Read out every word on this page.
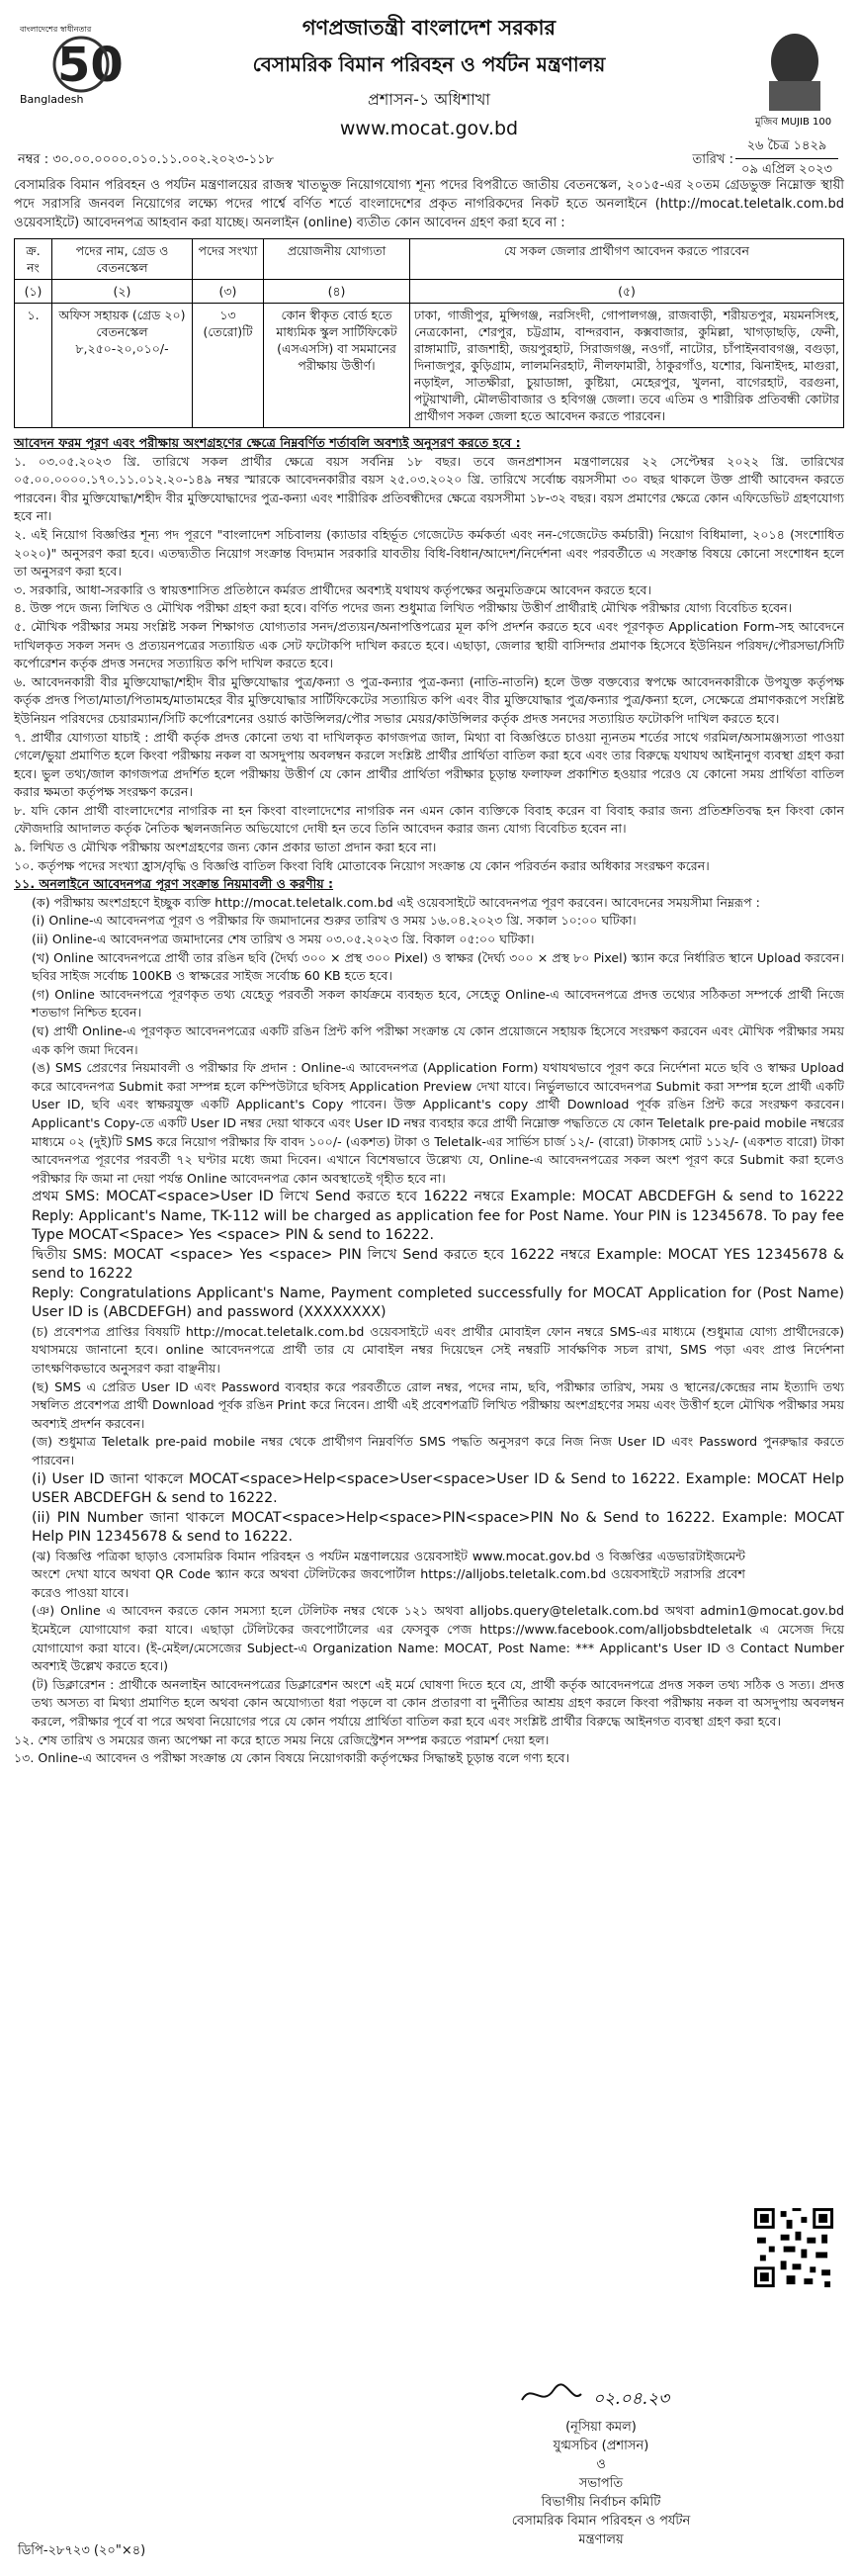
বাংলাদেশের স্বাধীনতার
50
Bangladesh
গণপ্রজাতন্ত্রী বাংলাদেশ সরকার
বেসামরিক বিমান পরিবহন ও পর্যটন মন্ত্রণালয়
প্রশাসন-১ অধিশাখা
www.mocat.gov.bd	মুজিব MUJIB 100
নম্বর : ৩০.০০.০০০০.০১০.১১.০০২.২০২৩-১১৮	তারিখ :
২৬ চৈত্র ১৪২৯
০৯ এপ্রিল ২০২৩

বেসামরিক বিমান পরিবহন ও পর্যটন মন্ত্রণালয়ের রাজস্ব খাতভুক্ত নিয়োগযোগ্য শূন্য পদের বিপরীতে জাতীয় বেতনস্কেল, ২০১৫-এর ২০তম গ্রেডভুক্ত নিম্নোক্ত স্থায়ী পদে সরাসরি জনবল নিয়োগের লক্ষ্যে পদের পার্শ্বে বর্ণিত শর্তে বাংলাদেশের প্রকৃত নাগরিকদের নিকট হতে অনলাইনে (http://mocat.teletalk.com.bd ওয়েবসাইটে) আবেদনপত্র আহবান করা যাচ্ছে। অনলাইন (online) ব্যতীত কোন আবেদন গ্রহণ করা হবে না :

ক্র. নং	পদের নাম, গ্রেড ও বেতনস্কেল	পদের সংখ্যা	প্রয়োজনীয় যোগ্যতা	যে সকল জেলার প্রার্থীগণ আবেদন করতে পারবেন
(১)	(২)	(৩)	(৪)	(৫)
১.	অফিস সহায়ক (গ্রেড ২০) বেতনস্কেল ৮,২৫০-২০,০১০/-	১৩ (তেরো)টি	কোন স্বীকৃত বোর্ড হতে মাধ্যমিক স্কুল সার্টিফিকেট (এসএসসি) বা সমমানের পরীক্ষায় উত্তীর্ণ।	ঢাকা, গাজীপুর, মুন্সিগঞ্জ, নরসিংদী, গোপালগঞ্জ, রাজবাড়ী, শরীয়তপুর, ময়মনসিংহ, নেত্রকোনা, শেরপুর, চট্টগ্রাম, বান্দরবান, কক্সবাজার, কুমিল্লা, খাগড়াছড়ি, ফেনী, রাঙ্গামাটি, রাজশাহী, জয়পুরহাট, সিরাজগঞ্জ, নওগাঁ, নাটোর, চাঁপাইনবাবগঞ্জ, বগুড়া, দিনাজপুর, কুড়িগ্রাম, লালমনিরহাট, নীলফামারী, ঠাকুরগাঁও, যশোর, ঝিনাইদহ, মাগুরা, নড়াইল, সাতক্ষীরা, চুয়াডাঙ্গা, কুষ্টিয়া, মেহেরপুর, খুলনা, বাগেরহাট, বরগুনা, পটুয়াখালী, মৌলভীবাজার ও হবিগঞ্জ জেলা। তবে এতিম ও শারীরিক প্রতিবন্ধী কোটার প্রার্থীগণ সকল জেলা হতে আবেদন করতে পারবেন।

আবেদন ফরম পূরণ এবং পরীক্ষায় অংশগ্রহণের ক্ষেত্রে নিম্নবর্ণিত শর্তাবলি অবশ্যই অনুসরণ করতে হবে :

১. ০৩.০৫.২০২৩ খ্রি. তারিখে সকল প্রার্থীর ক্ষেত্রে বয়স সর্বনিম্ন ১৮ বছর। তবে জনপ্রশাসন মন্ত্রণালয়ের ২২ সেপ্টেম্বর ২০২২ খ্রি. তারিখের ০৫.০০.০০০০.১৭০.১১.০১২.২০-১৪৯ নম্বর স্মারকে আবেদনকারীর বয়স ২৫.০৩.২০২০ খ্রি. তারিখে সর্বোচ্চ বয়সসীমা ৩০ বছর থাকলে উক্ত প্রার্থী আবেদন করতে পারবেন। বীর মুক্তিযোদ্ধা/শহীদ বীর মুক্তিযোদ্ধাদের পুত্র-কন্যা এবং শারীরিক প্রতিবন্ধীদের ক্ষেত্রে বয়সসীমা ১৮-৩২ বছর। বয়স প্রমাণের ক্ষেত্রে কোন এফিডেভিট গ্রহণযোগ্য হবে না।

২. এই নিয়োগ বিজ্ঞপ্তির শূন্য পদ পূরণে "বাংলাদেশ সচিবালয় (ক্যাডার বহির্ভূত গেজেটেড কর্মকর্তা এবং নন-গেজেটেড কর্মচারী) নিয়োগ বিধিমালা, ২০১৪ (সংশোধিত ২০২০)" অনুসরণ করা হবে। এতদ্ব্যতীত নিয়োগ সংক্রান্ত বিদ্যমান সরকারি যাবতীয় বিধি-বিধান/আদেশ/নির্দেশনা এবং পরবর্তীতে এ সংক্রান্ত বিষয়ে কোনো সংশোধন হলে তা অনুসরণ করা হবে।

৩. সরকারি, আধা-সরকারি ও স্বায়ত্তশাসিত প্রতিষ্ঠানে কর্মরত প্রার্থীদের অবশ্যই যথাযথ কর্তৃপক্ষের অনুমতিক্রমে আবেদন করতে হবে।

৪. উক্ত পদে জন্য লিখিত ও মৌখিক পরীক্ষা গ্রহণ করা হবে। বর্ণিত পদের জন্য শুধুমাত্র লিখিত পরীক্ষায় উত্তীর্ণ প্রার্থীরাই মৌখিক পরীক্ষার যোগ্য বিবেচিত হবেন।

৫. মৌখিক পরীক্ষার সময় সংশ্লিষ্ট সকল শিক্ষাগত যোগ্যতার সনদ/প্রত্যয়ন/অনাপত্তিপত্রের মূল কপি প্রদর্শন করতে হবে এবং পূরণকৃত Application Form-সহ আবেদনে দাখিলকৃত সকল সনদ ও প্রত্যয়নপত্রের সত্যায়িত এক সেট ফটোকপি দাখিল করতে হবে। এছাড়া, জেলার স্থায়ী বাসিন্দার প্রমাণক হিসেবে ইউনিয়ন পরিষদ/পৌরসভা/সিটি কর্পোরেশন কর্তৃক প্রদত্ত সনদের সত্যায়িত কপি দাখিল করতে হবে।

৬. আবেদনকারী বীর মুক্তিযোদ্ধা/শহীদ বীর মুক্তিযোদ্ধার পুত্র/কন্যা ও পুত্র-কন্যার পুত্র-কন্যা (নাতি-নাতনি) হলে উক্ত বক্তব্যের স্বপক্ষে আবেদনকারীকে উপযুক্ত কর্তৃপক্ষ কর্তৃক প্রদত্ত পিতা/মাতা/পিতামহ/মাতামহের বীর মুক্তিযোদ্ধার সার্টিফিকেটের সত্যায়িত কপি এবং বীর মুক্তিযোদ্ধার পুত্র/কন্যার পুত্র/কন্যা হলে, সেক্ষেত্রে প্রমাণকরূপে সংশ্লিষ্ট ইউনিয়ন পরিষদের চেয়ারম্যান/সিটি কর্পোরেশনের ওয়ার্ড কাউন্সিলর/পৌর সভার মেয়র/কাউন্সিলর কর্তৃক প্রদত্ত সনদের সত্যায়িত ফটোকপি দাখিল করতে হবে।

৭. প্রার্থীর যোগ্যতা যাচাই : প্রার্থী কর্তৃক প্রদত্ত কোনো তথ্য বা দাখিলকৃত কাগজপত্র জাল, মিথ্যা বা বিজ্ঞপ্তিতে চাওয়া ন্যূনতম শর্তের সাথে গরমিল/অসামঞ্জস্যতা পাওয়া গেলে/ভুয়া প্রমাণিত হলে কিংবা পরীক্ষায় নকল বা অসদুপায় অবলম্বন করলে সংশ্লিষ্ট প্রার্থীর প্রার্থিতা বাতিল করা হবে এবং তার বিরুদ্ধে যথাযথ আইনানুগ ব্যবস্থা গ্রহণ করা হবে। ভুল তথ্য/জাল কাগজপত্র প্রদর্শিত হলে পরীক্ষায় উত্তীর্ণ যে কোন প্রার্থীর প্রার্থিতা পরীক্ষার চূড়ান্ত ফলাফল প্রকাশিত হওয়ার পরেও যে কোনো সময় প্রার্থিতা বাতিল করার ক্ষমতা কর্তৃপক্ষ সংরক্ষণ করেন।

৮. যদি কোন প্রার্থী বাংলাদেশের নাগরিক না হন কিংবা বাংলাদেশের নাগরিক নন এমন কোন ব্যক্তিকে বিবাহ করেন বা বিবাহ করার জন্য প্রতিশ্রুতিবদ্ধ হন কিংবা কোন ফৌজদারি আদালত কর্তৃক নৈতিক স্খলনজনিত অভিযোগে দোষী হন তবে তিনি আবেদন করার জন্য যোগ্য বিবেচিত হবেন না।

৯. লিখিত ও মৌখিক পরীক্ষায় অংশগ্রহণের জন্য কোন প্রকার ভাতা প্রদান করা হবে না।

১০. কর্তৃপক্ষ পদের সংখ্যা হ্রাস/বৃদ্ধি ও বিজ্ঞপ্তি বাতিল কিংবা বিধি মোতাবেক নিয়োগ সংক্রান্ত যে কোন পরিবর্তন করার অধিকার সংরক্ষণ করেন।

১১. অনলাইনে আবেদনপত্র পূরণ সংক্রান্ত নিয়মাবলী ও করণীয় :

(ক) পরীক্ষায় অংশগ্রহণে ইচ্ছুক ব্যক্তি http://mocat.teletalk.com.bd এই ওয়েবসাইটে আবেদনপত্র পূরণ করবেন। আবেদনের সময়সীমা নিম্নরূপ :

(i) Online-এ আবেদনপত্র পূরণ ও পরীক্ষার ফি জমাদানের শুরুর তারিখ ও সময় ১৬.০৪.২০২৩ খ্রি. সকাল ১০:০০ ঘটিকা।

(ii) Online-এ আবেদনপত্র জমাদানের শেষ তারিখ ও সময় ০৩.০৫.২০২৩ খ্রি. বিকাল ০৫:০০ ঘটিকা।

(খ) Online আবেদনপত্রে প্রার্থী তার রঙিন ছবি (দৈর্ঘ্য ৩০০ × প্রস্থ ৩০০ Pixel) ও স্বাক্ষর (দৈর্ঘ্য ৩০০ × প্রস্থ ৮০ Pixel) স্ক্যান করে নির্ধারিত স্থানে Upload করবেন। ছবির সাইজ সর্বোচ্চ 100KB ও স্বাক্ষরের সাইজ সর্বোচ্চ 60 KB হতে হবে।

(গ) Online আবেদনপত্রে পূরণকৃত তথ্য যেহেতু পরবর্তী সকল কার্যক্রমে ব্যবহৃত হবে, সেহেতু Online-এ আবেদনপত্রে প্রদত্ত তথ্যের সঠিকতা সম্পর্কে প্রার্থী নিজে শতভাগ নিশ্চিত হবেন।

(ঘ) প্রার্থী Online-এ পূরণকৃত আবেদনপত্রের একটি রঙিন প্রিন্ট কপি পরীক্ষা সংক্রান্ত যে কোন প্রয়োজনে সহায়ক হিসেবে সংরক্ষণ করবেন এবং মৌখিক পরীক্ষার সময় এক কপি জমা দিবেন।

(ঙ) SMS প্রেরণের নিয়মাবলী ও পরীক্ষার ফি প্রদান : Online-এ আবেদনপত্র (Application Form) যথাযথভাবে পূরণ করে নির্দেশনা মতে ছবি ও স্বাক্ষর Upload করে আবেদনপত্র Submit করা সম্পন্ন হলে কম্পিউটারে ছবিসহ Application Preview দেখা যাবে। নির্ভুলভাবে আবেদনপত্র Submit করা সম্পন্ন হলে প্রার্থী একটি User ID, ছবি এবং স্বাক্ষরযুক্ত একটি Applicant's Copy পাবেন। উক্ত Applicant's copy প্রার্থী Download পূর্বক রঙিন প্রিন্ট করে সংরক্ষণ করবেন। Applicant's Copy-তে একটি User ID নম্বর দেয়া থাকবে এবং User ID নম্বর ব্যবহার করে প্রার্থী নিম্নোক্ত পদ্ধতিতে যে কোন Teletalk pre-paid mobile নম্বরের মাধ্যমে ০২ (দুই)টি SMS করে নিয়োগ পরীক্ষার ফি বাবদ ১০০/- (একশত) টাকা ও Teletalk-এর সার্ভিস চার্জ ১২/- (বারো) টাকাসহ মোট ১১২/- (একশত বারো) টাকা আবেদনপত্র পূরণের পরবর্তী ৭২ ঘণ্টার মধ্যে জমা দিবেন। এখানে বিশেষভাবে উল্লেখ্য যে, Online-এ আবেদনপত্রের সকল অংশ পূরণ করে Submit করা হলেও পরীক্ষার ফি জমা না দেয়া পর্যন্ত Online আবেদনপত্র কোন অবস্থাতেই গৃহীত হবে না।

প্রথম SMS: MOCAT<space>User ID লিখে Send করতে হবে 16222 নম্বরে Example: MOCAT ABCDEFGH & send to 16222 Reply: Applicant's Name, TK-112 will be charged as application fee for Post Name. Your PIN is 12345678. To pay fee Type MOCAT<Space> Yes <space> PIN & send to 16222.

দ্বিতীয় SMS: MOCAT <space> Yes <space> PIN লিখে Send করতে হবে 16222 নম্বরে Example: MOCAT YES 12345678 & send to 16222

Reply: Congratulations Applicant's Name, Payment completed successfully for MOCAT Application for (Post Name) User ID is (ABCDEFGH) and password (XXXXXXXX)

(চ) প্রবেশপত্র প্রাপ্তির বিষয়টি http://mocat.teletalk.com.bd ওয়েবসাইটে এবং প্রার্থীর মোবাইল ফোন নম্বরে SMS-এর মাধ্যমে (শুধুমাত্র যোগ্য প্রার্থীদেরকে) যথাসময়ে জানানো হবে। online আবেদনপত্রে প্রার্থী তার যে মোবাইল নম্বর দিয়েছেন সেই নম্বরটি সার্বক্ষণিক সচল রাখা, SMS পড়া এবং প্রাপ্ত নির্দেশনা তাৎক্ষণিকভাবে অনুসরণ করা বাঞ্ছনীয়।

(ছ) SMS এ প্রেরিত User ID এবং Password ব্যবহার করে পরবর্তীতে রোল নম্বর, পদের নাম, ছবি, পরীক্ষার তারিখ, সময় ও স্থানের/কেন্দ্রের নাম ইত্যাদি তথ্য সম্বলিত প্রবেশপত্র প্রার্থী Download পূর্বক রঙিন Print করে নিবেন। প্রার্থী এই প্রবেশপত্রটি লিখিত পরীক্ষায় অংশগ্রহণের সময় এবং উত্তীর্ণ হলে মৌখিক পরীক্ষার সময় অবশ্যই প্রদর্শন করবেন।

(জ) শুধুমাত্র Teletalk pre-paid mobile নম্বর থেকে প্রার্থীগণ নিম্নবর্ণিত SMS পদ্ধতি অনুসরণ করে নিজ নিজ User ID এবং Password পুনরুদ্ধার করতে পারবেন।

(i) User ID জানা থাকলে MOCAT<space>Help<space>User<space>User ID & Send to 16222. Example: MOCAT Help USER ABCDEFGH & send to 16222.

(ii) PIN Number জানা থাকলে MOCAT<space>Help<space>PIN<space>PIN No & Send to 16222. Example: MOCAT Help PIN 12345678 & send to 16222.

(ঝ) বিজ্ঞপ্তি পত্রিকা ছাড়াও বেসামরিক বিমান পরিবহন ও পর্যটন মন্ত্রণালয়ের ওয়েবসাইট www.mocat.gov.bd ও বিজ্ঞপ্তির এডভারটাইজমেন্ট অংশে দেখা যাবে অথবা QR Code স্ক্যান করে অথবা টেলিটকের জবপোর্টাল https://alljobs.teletalk.com.bd ওয়েবসাইটে সরাসরি প্রবেশ করেও পাওয়া যাবে।

(ঞ) Online এ আবেদন করতে কোন সমস্যা হলে টেলিটক নম্বর থেকে ১২১ অথবা alljobs.query@teletalk.com.bd অথবা admin1@mocat.gov.bd ইমেইলে যোগাযোগ করা যাবে। এছাড়া টেলিটকের জবপোর্টালের এর ফেসবুক পেজ https://www.facebook.com/alljobsbdteletalk এ মেসেজ দিয়ে যোগাযোগ করা যাবে। (ই-মেইল/মেসেজের Subject-এ Organization Name: MOCAT, Post Name: *** Applicant's User ID ও Contact Number অবশ্যই উল্লেখ করতে হবে।)

(ট) ডিক্লারেশন : প্রার্থীকে অনলাইন আবেদনপত্রের ডিক্লারেশন অংশে এই মর্মে ঘোষণা দিতে হবে যে, প্রার্থী কর্তৃক আবেদনপত্রে প্রদত্ত সকল তথ্য সঠিক ও সত্য। প্রদত্ত তথ্য অসত্য বা মিথ্যা প্রমাণিত হলে অথবা কোন অযোগ্যতা ধরা পড়লে বা কোন প্রতারণা বা দুর্নীতির আশ্রয় গ্রহণ করলে কিংবা পরীক্ষায় নকল বা অসদুপায় অবলম্বন করলে, পরীক্ষার পূর্বে বা পরে অথবা নিয়োগের পরে যে কোন পর্যায়ে প্রার্থিতা বাতিল করা হবে এবং সংশ্লিষ্ট প্রার্থীর বিরুদ্ধে আইনগত ব্যবস্থা গ্রহণ করা হবে।

১২. শেষ তারিখ ও সময়ের জন্য অপেক্ষা না করে হাতে সময় নিয়ে রেজিস্ট্রেশন সম্পন্ন করতে পরামর্শ দেয়া হল।

১৩. Online-এ আবেদন ও পরীক্ষা সংক্রান্ত যে কোন বিষয়ে নিয়োগকারী কর্তৃপক্ষের সিদ্ধান্তই চূড়ান্ত বলে গণ্য হবে।

০২.০৪.২৩
(নূসিয়া কমল)
যুগ্মসচিব (প্রশাসন)
ও
সভাপতি
বিভাগীয় নির্বাচন কমিটি
বেসামরিক বিমান পরিবহন ও পর্যটন মন্ত্রণালয়
ডিপি-২৮৭২৩ (২০"×৪)
